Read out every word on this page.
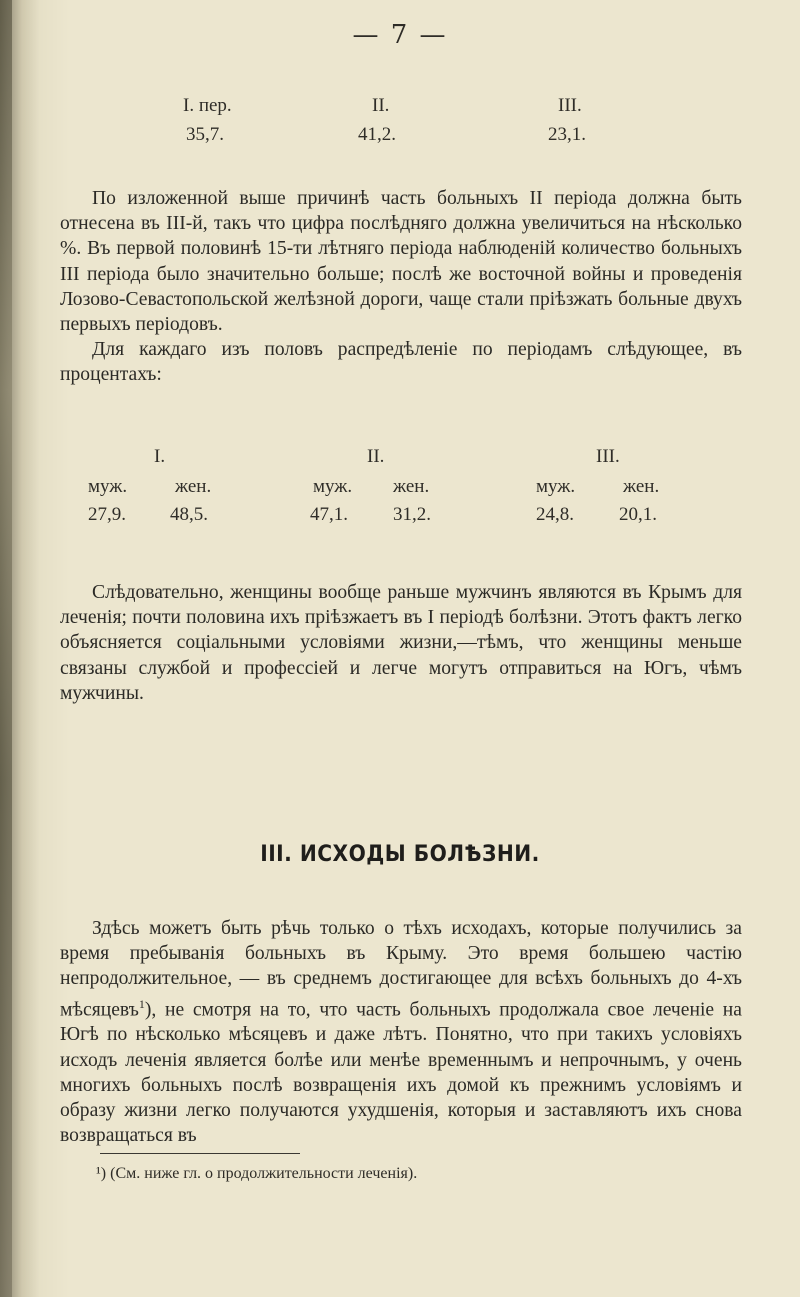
— 7 —
I. пер.	II.	III.
35,7.	41,2.	23,1.

По изложенной выше причинѣ часть больныхъ II періода должна быть отнесена въ III-й, такъ что цифра послѣдняго должна увеличиться на нѣсколько %. Въ первой половинѣ 15-ти лѣтняго періода наблюденій количество больныхъ III періода было значительно больше; послѣ же восточной войны и проведенія Лозово-Севастопольской желѣзной дороги, чаще стали пріѣзжать больные двухъ первыхъ періодовъ.

Для каждаго изъ половъ распредѣленіе по періодамъ слѣдующее, въ процентахъ:

I.	II.	III.
муж.	жен.	муж. жен.	муж.	жен.
27,9. 48,5.	47,1. 31,2.	24,8. 20,1.

Слѣдовательно, женщины вообще раньше мужчинъ являются въ Крымъ для леченія; почти половина ихъ пріѣзжаетъ въ I періодѣ болѣзни. Этотъ фактъ легко объясняется соціальными условіями жизни,—тѣмъ, что женщины меньше связаны службой и профессіей и легче могутъ отправиться на Югъ, чѣмъ мужчины.

III. ИСХОДЫ БОЛѢЗНИ.

Здѣсь можетъ быть рѣчь только о тѣхъ исходахъ, которые получились за время пребыванія больныхъ въ Крыму. Это время большею частію непродолжительное, — въ среднемъ достигающее для всѣхъ больныхъ до 4-хъ мѣсяцевъ$^1$), не смотря на то, что часть больныхъ продолжала свое леченіе на Югѣ по нѣсколько мѣсяцевъ и даже лѣтъ. Понятно, что при такихъ условіяхъ исходъ леченія является болѣе или менѣе временнымъ и непрочнымъ, у очень многихъ больныхъ послѣ возвращенія ихъ домой къ прежнимъ условіямъ и образу жизни легко получаются ухудшенія, которыя и заставляютъ ихъ снова возвращаться въ

¹) (См. ниже гл. о продолжительности леченія).
